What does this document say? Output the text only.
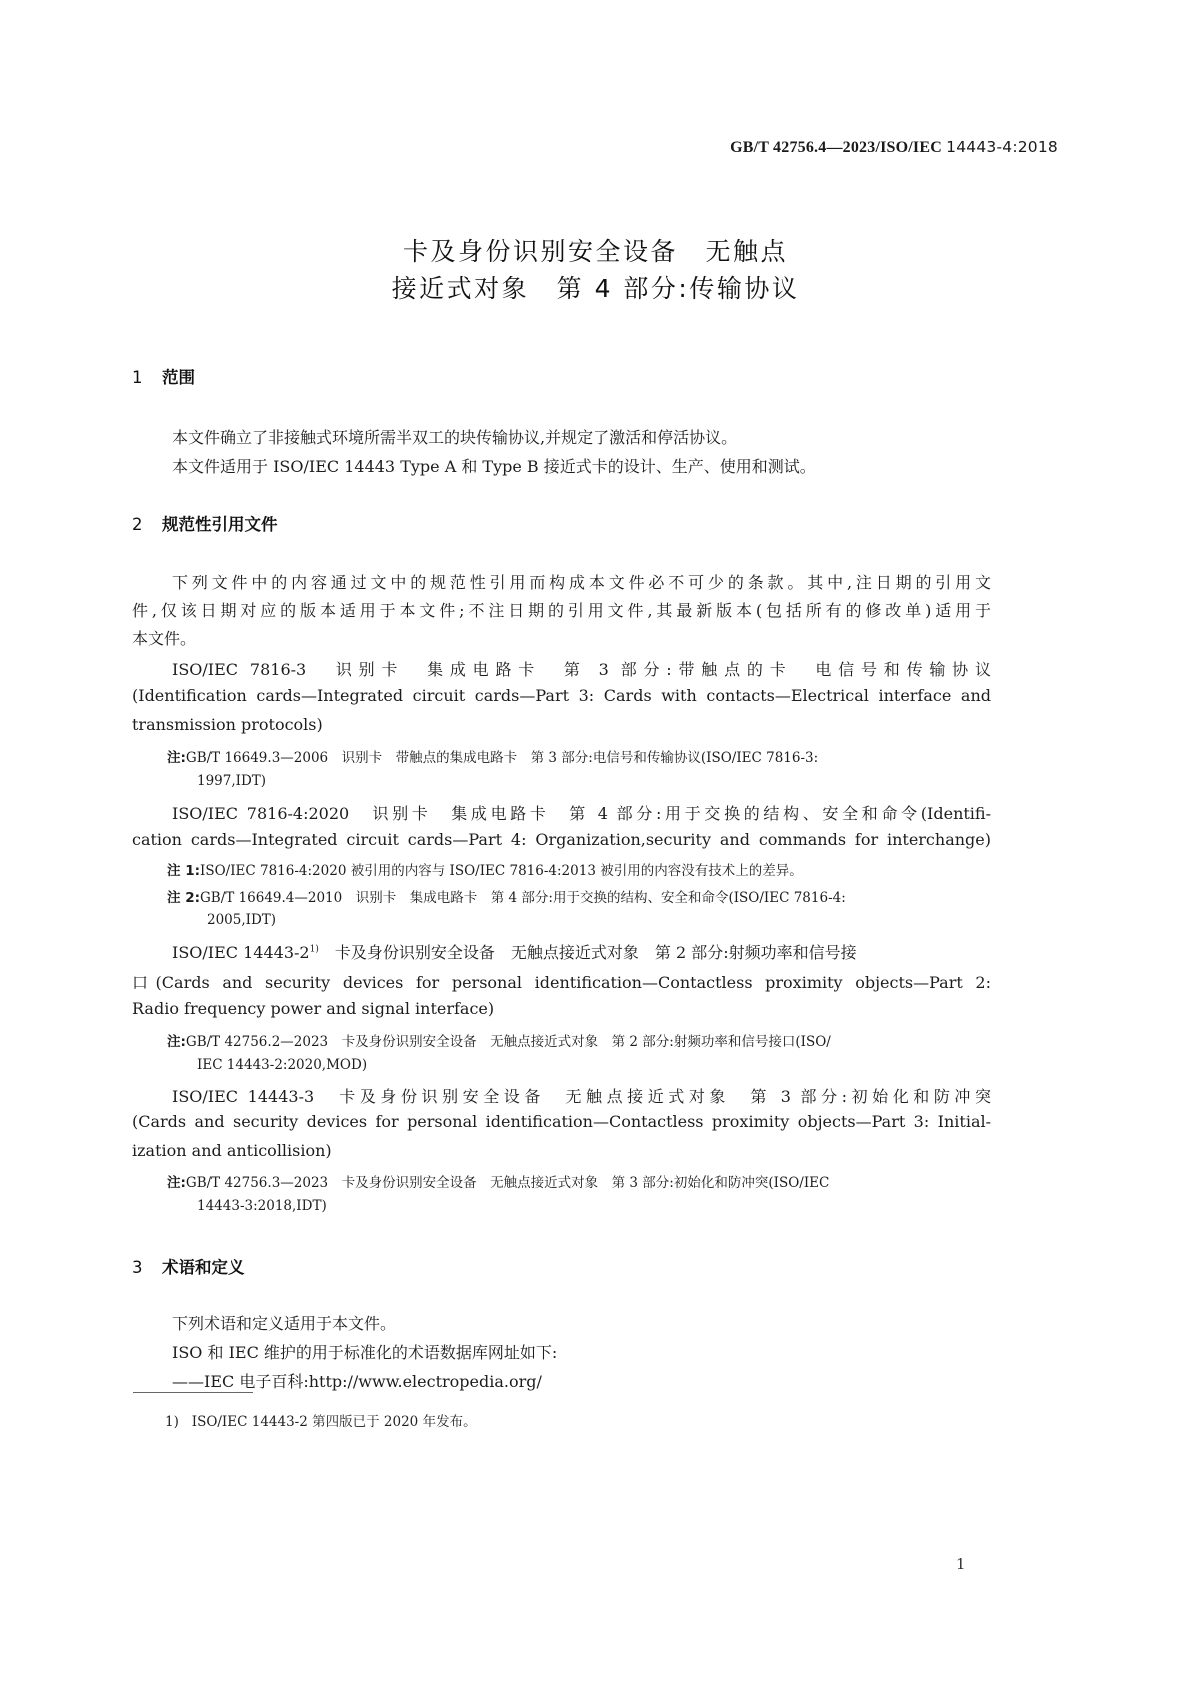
GB/T 42756.4—2023/ISO/IEC 14443-4:2018
卡及身份识别安全设备　无触点
接近式对象　第 4 部分:传输协议
1 范围
本文件确立了非接触式环境所需半双工的块传输协议,并规定了激活和停活协议。
本文件适用于 ISO/IEC 14443 Type A 和 Type B 接近式卡的设计、生产、使用和测试。
2 规范性引用文件
下列文件中的内容通过文中的规范性引用而构成本文件必不可少的条款。其中,注日期的引用文
件,仅该日期对应的版本适用于本文件;不注日期的引用文件,其最新版本(包括所有的修改单)适用于
本文件。
ISO/IEC 7816-3　识别卡　集成电路卡　第 3 部分:带触点的卡　电信号和传输协议
(Identification cards—Integrated circuit cards—Part 3: Cards with contacts—Electrical interface and
transmission protocols)
注:GB/T 16649.3—2006　识别卡　带触点的集成电路卡　第 3 部分:电信号和传输协议(ISO/IEC 7816-3:
1997,IDT)
ISO/IEC 7816-4:2020　识别卡　集成电路卡　第 4 部分:用于交换的结构、安全和命令(Identifi-
cation cards—Integrated circuit cards—Part 4: Organization,security and commands for interchange)
注 1:ISO/IEC 7816-4:2020 被引用的内容与 ISO/IEC 7816-4:2013 被引用的内容没有技术上的差异。
注 2:GB/T 16649.4—2010　识别卡　集成电路卡　第 4 部分:用于交换的结构、安全和命令(ISO/IEC 7816-4:
2005,IDT)
ISO/IEC 14443-2$^{1)}$　卡及身份识别安全设备　无触点接近式对象　第 2 部分:射频功率和信号接
口(Cards and security devices for personal identification—Contactless proximity objects—Part 2:
Radio frequency power and signal interface)
注:GB/T 42756.2—2023　卡及身份识别安全设备　无触点接近式对象　第 2 部分:射频功率和信号接口(ISO/
IEC 14443-2:2020,MOD)
ISO/IEC 14443-3　卡及身份识别安全设备　无触点接近式对象　第 3 部分:初始化和防冲突
(Cards and security devices for personal identification—Contactless proximity objects—Part 3: Initial-
ization and anticollision)
注:GB/T 42756.3—2023　卡及身份识别安全设备　无触点接近式对象　第 3 部分:初始化和防冲突(ISO/IEC
14443-3:2018,IDT)
3 术语和定义
下列术语和定义适用于本文件。
ISO 和 IEC 维护的用于标准化的术语数据库网址如下:
——IEC 电子百科:http://www.electropedia.org/
1) ISO/IEC 14443-2 第四版已于 2020 年发布。
1
